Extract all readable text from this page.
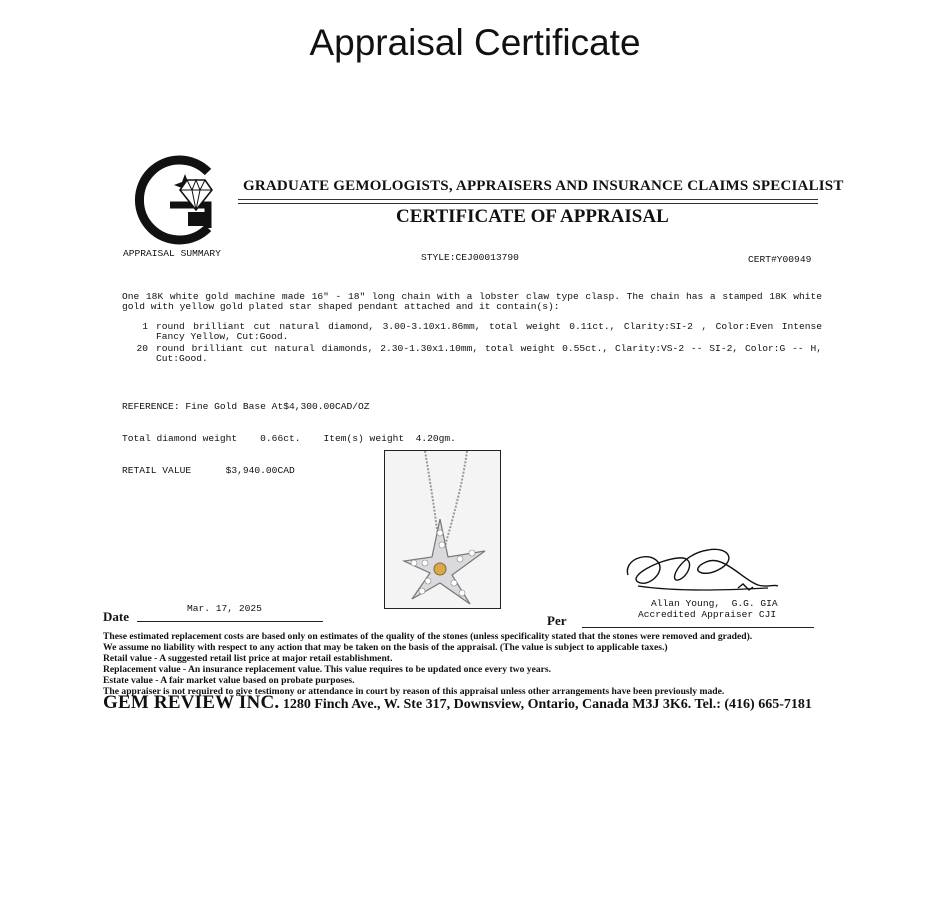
Appraisal Certificate
GRADUATE GEMOLOGISTS, APPRAISERS AND INSURANCE CLAIMS SPECIALIST
CERTIFICATE OF APPRAISAL
APPRAISAL SUMMARY	STYLE:CEJ00013790	CERT#Y00949
One 18K white gold machine made 16" - 18" long chain with a lobster claw type clasp. The chain has a stamped 18K white gold with yellow gold plated star shaped pendant attached and it contain(s):
1 round brilliant cut natural diamond, 3.00-3.10x1.86mm, total weight 0.11ct., Clarity:SI-2 , Color:Even Intense Fancy Yellow, Cut:Good.
20 round brilliant cut natural diamonds, 2.30-1.30x1.10mm, total weight 0.55ct., Clarity:VS-2 -- SI-2, Color:G -- H, Cut:Good.

REFERENCE: Fine Gold Base At$4,300.00CAD/OZ

Total diamond weight    0.66ct.    Item(s) weight  4.20gm.

RETAIL VALUE      $3,940.00CAD

Allan Young,  G.G. GIA
Accredited Appraiser CJI
Date
Mar. 17, 2025
Per
These estimated replacement costs are based only on estimates of the quality of the stones (unless specificality stated that the stones were removed and graded).
We assume no liability with respect to any action that may be taken on the basis of the appraisal. (The value is subject to applicable taxes.)
Retail value - A suggested retail list price at major retail establishment.
Replacement value - An insurance replacement value. This value requires to be updated once every two years.
Estate value - A fair market value based on probate purposes.
The appraiser is not required to give testimony or attendance in court by reason of this appraisal unless other arrangements have been previously made.
GEM REVIEW INC. 1280 Finch Ave., W. Ste 317, Downsview, Ontario, Canada M3J 3K6. Tel.: (416) 665-7181
